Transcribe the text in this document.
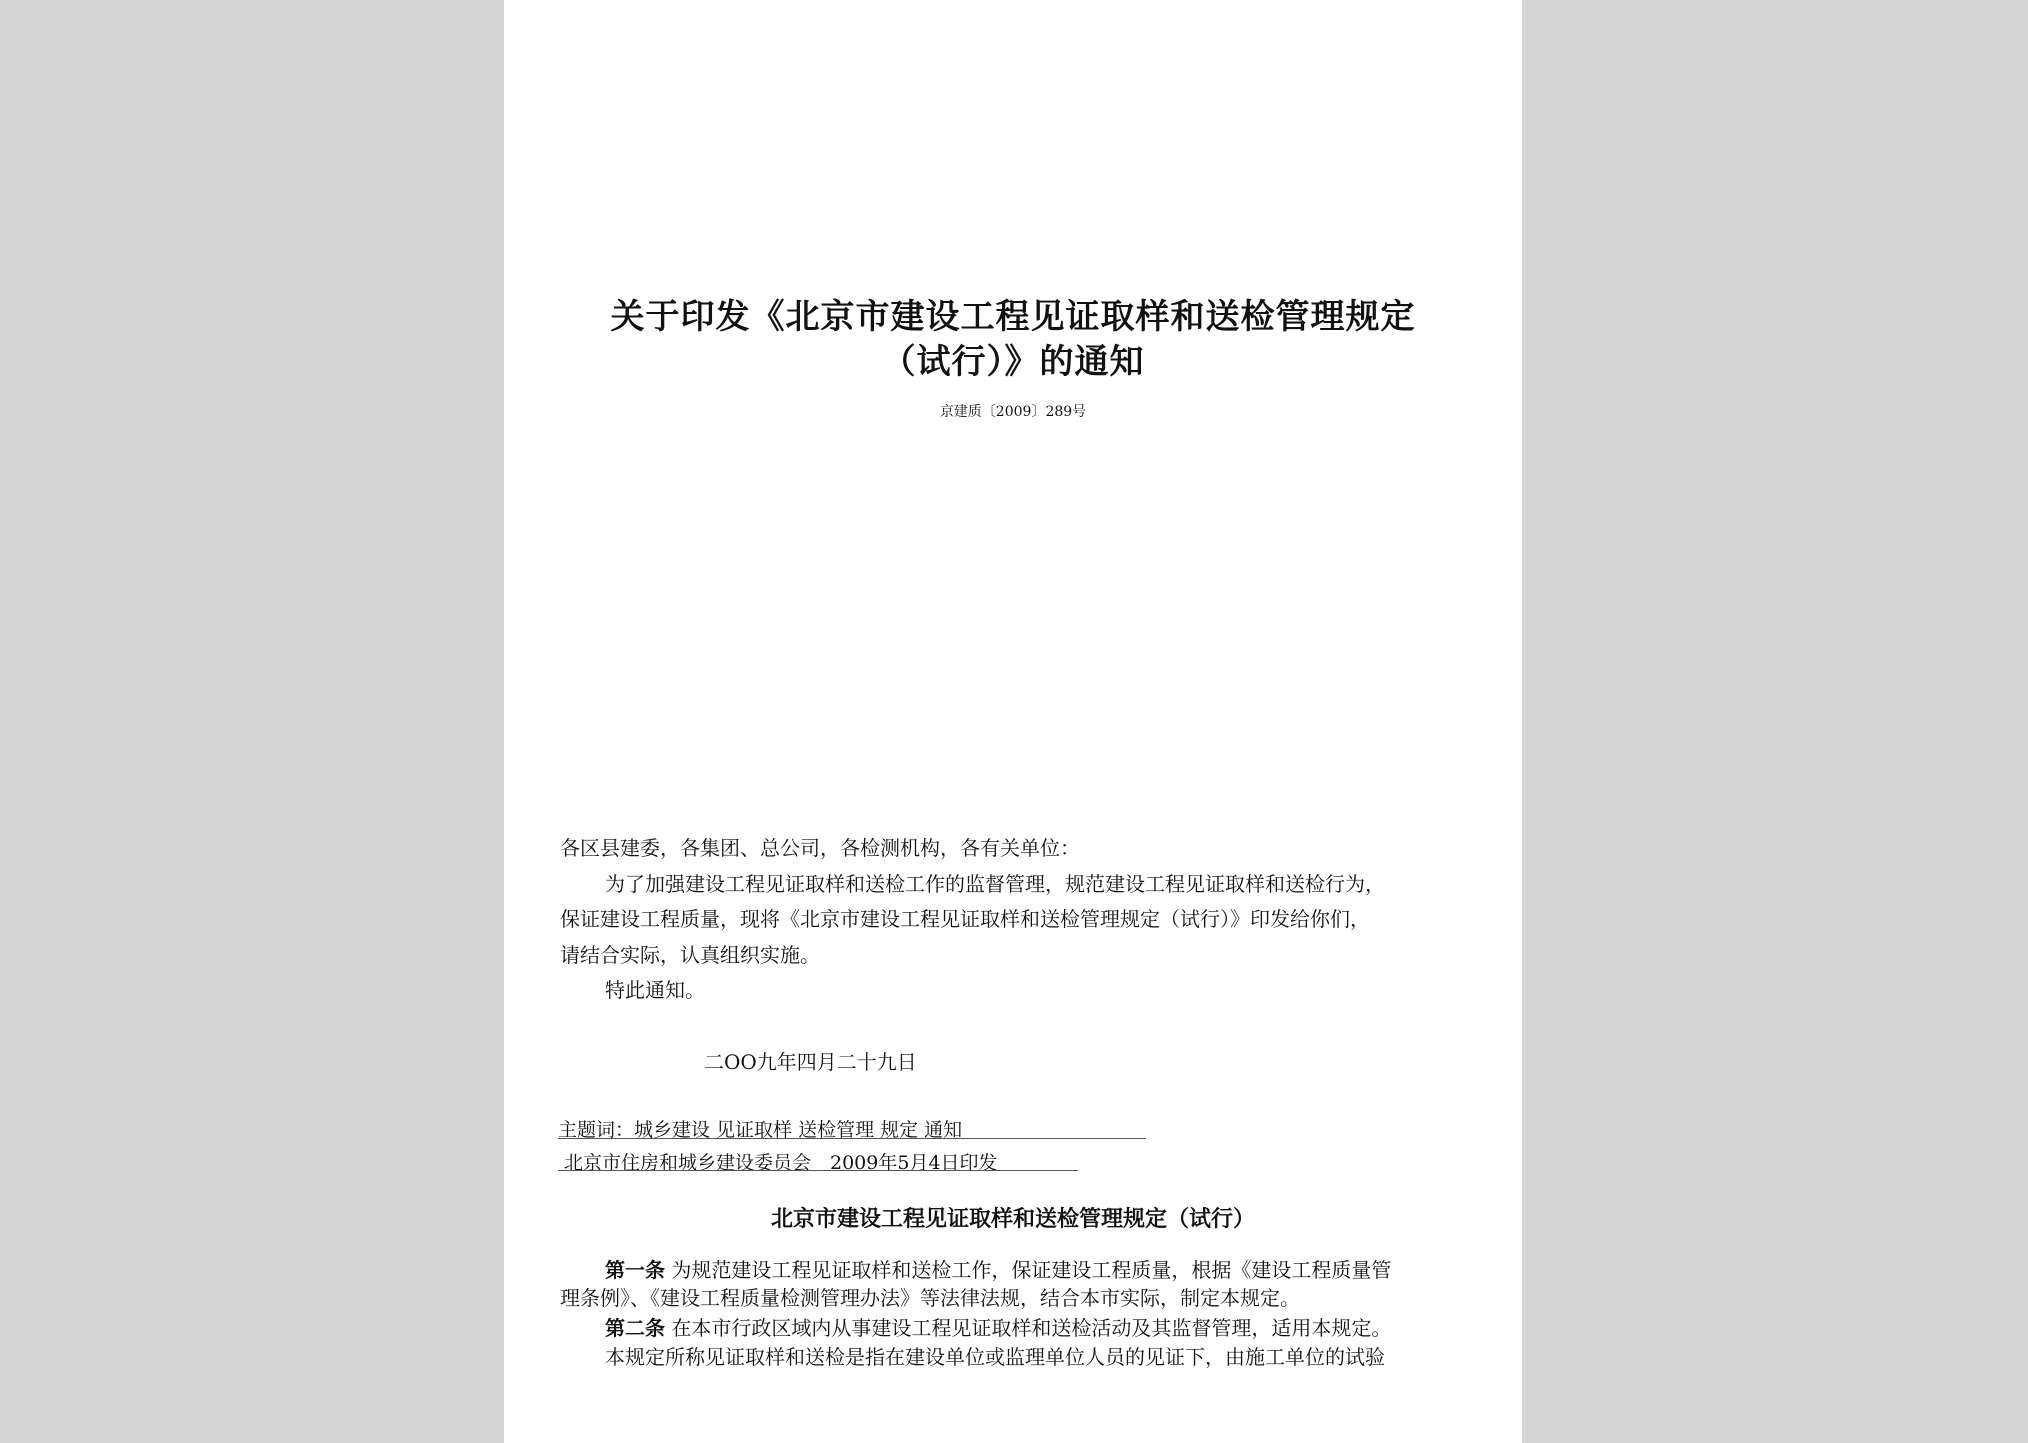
关于印发《北京市建设工程见证取样和送检管理规定
（试行）》的通知
京建质〔2009〕289号
各区县建委，各集团、总公司，各检测机构，各有关单位：
为了加强建设工程见证取样和送检工作的监督管理，规范建设工程见证取样和送检行为，
保证建设工程质量，现将《北京市建设工程见证取样和送检管理规定（试行）》印发给你们，
请结合实际，认真组织实施。
特此通知。
二OO九年四月二十九日
主题词：城乡建设 见证取样 送检管理 规定 通知
北京市住房和城乡建设委员会　2009年5月4日印发
北京市建设工程见证取样和送检管理规定（试行）
第一条 为规范建设工程见证取样和送检工作，保证建设工程质量，根据《建设工程质量管
理条例》、《建设工程质量检测管理办法》等法律法规，结合本市实际，制定本规定。
第二条 在本市行政区域内从事建设工程见证取样和送检活动及其监督管理，适用本规定。
本规定所称见证取样和送检是指在建设单位或监理单位人员的见证下，由施工单位的试验
